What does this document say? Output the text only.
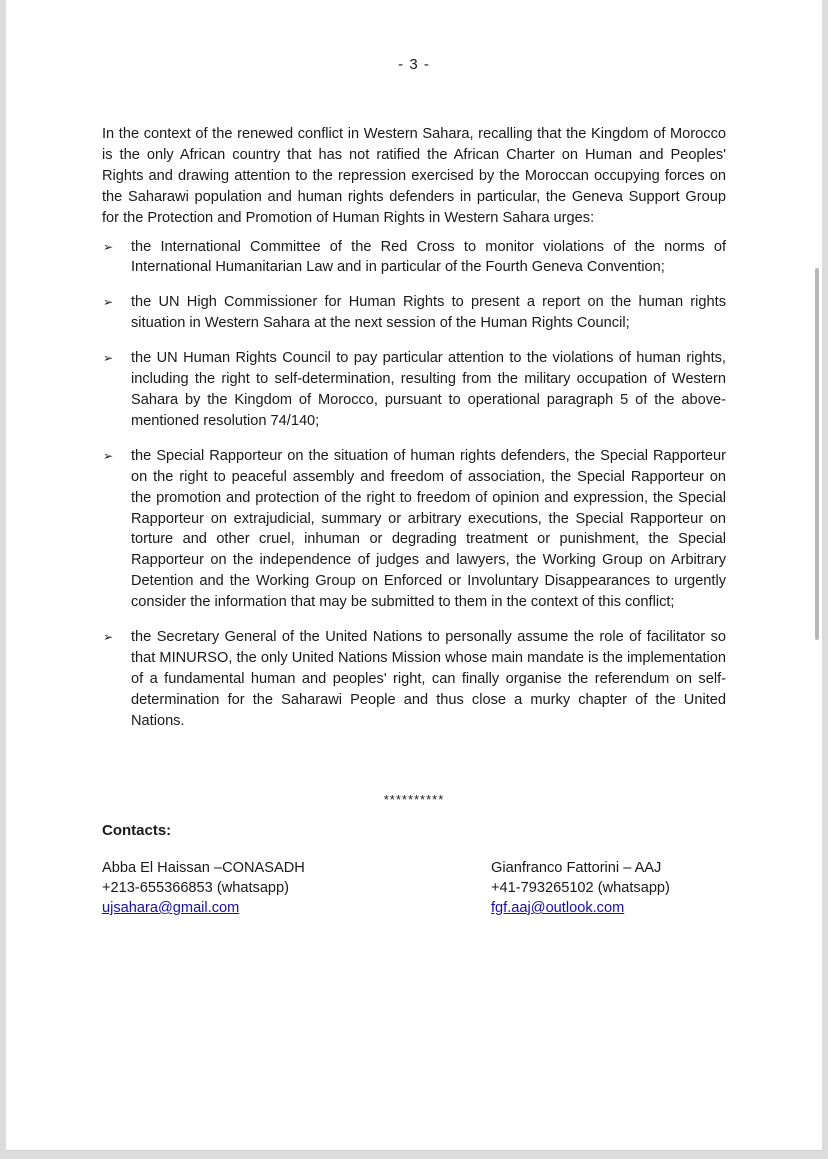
- 3 -

In the context of the renewed conflict in Western Sahara, recalling that the Kingdom of Morocco is the only African country that has not ratified the African Charter on Human and Peoples' Rights and drawing attention to the repression exercised by the Moroccan occupying forces on the Saharawi population and human rights defenders in particular, the Geneva Support Group for the Protection and Promotion of Human Rights in Western Sahara urges:

➢ the International Committee of the Red Cross to monitor violations of the norms of International Humanitarian Law and in particular of the Fourth Geneva Convention;
➢ the UN High Commissioner for Human Rights to present a report on the human rights situation in Western Sahara at the next session of the Human Rights Council;
➢ the UN Human Rights Council to pay particular attention to the violations of human rights, including the right to self-determination, resulting from the military occupation of Western Sahara by the Kingdom of Morocco, pursuant to operational paragraph 5 of the above-mentioned resolution 74/140;
➢ the Special Rapporteur on the situation of human rights defenders, the Special Rapporteur on the right to peaceful assembly and freedom of association, the Special Rapporteur on the promotion and protection of the right to freedom of opinion and expression, the Special Rapporteur on extrajudicial, summary or arbitrary executions, the Special Rapporteur on torture and other cruel, inhuman or degrading treatment or punishment, the Special Rapporteur on the independence of judges and lawyers, the Working Group on Arbitrary Detention and the Working Group on Enforced or Involuntary Disappearances to urgently consider the information that may be submitted to them in the context of this conflict;
➢ the Secretary General of the United Nations to personally assume the role of facilitator so that MINURSO, the only United Nations Mission whose main mandate is the implementation of a fundamental human and peoples' right, can finally organise the referendum on self-determination for the Saharawi People and thus close a murky chapter of the United Nations.
**********
Contacts:
Abba El Haissan –CONASADH
+213-655366853 (whatsapp)
ujsahara@gmail.com
Gianfranco Fattorini – AAJ
+41-793265102 (whatsapp)
fgf.aaj@outlook.com
